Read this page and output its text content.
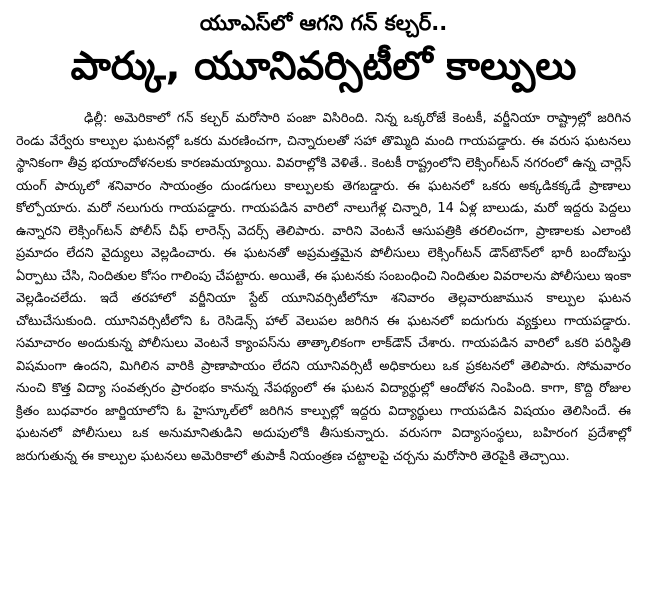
యూఎస్‌లో ఆగని గన్ కల్చర్..
పార్కు, యూనివర్సిటీలో కాల్పులు

ఢిల్లీ: అమెరికాలో గన్ కల్చర్ మరోసారి పంజా విసిరింది. నిన్న ఒక్కరోజే కెంటకీ, వర్జీనియా రాష్ట్రాల్లో జరిగిన రెండు వేర్వేరు కాల్పుల ఘటనల్లో ఒకరు మరణించగా, చిన్నారులతో సహా తొమ్మిది మంది గాయపడ్డారు. ఈ వరుస ఘటనలు స్థానికంగా తీవ్ర భయాందోళనలకు కారణమయ్యాయి. వివరాల్లోకి వెళితే.. కెంటకీ రాష్ట్రంలోని లెక్సింగ్‌టన్ నగరంలో ఉన్న చార్లెస్ యంగ్ పార్కులో శనివారం సాయంత్రం దుండగులు కాల్పులకు తెగబడ్డారు. ఈ ఘటనలో ఒకరు అక్కడికక్కడే ప్రాణాలు కోల్పోయారు. మరో నలుగురు గాయపడ్డారు. గాయపడిన వారిలో నాలుగేళ్ల చిన్నారి, 14 ఏళ్ల బాలుడు, మరో ఇద్దరు పెద్దలు ఉన్నారని లెక్సింగ్‌టన్ పోలీస్ చీఫ్ లారెన్స్ వెదర్స్ తెలిపారు. వారిని వెంటనే ఆసుపత్రికి తరలించగా, ప్రాణాలకు ఎలాంటి ప్రమాదం లేదని వైద్యులు వెల్లడించారు. ఈ ఘటనతో అప్రమత్తమైన పోలీసులు లెక్సింగ్‌టన్ డౌన్‌టౌన్‌లో భారీ బందోబస్తు ఏర్పాటు చేసి, నిందితుల కోసం గాలింపు చేపట్టారు. అయితే, ఈ ఘటనకు సంబంధించి నిందితుల వివరాలను పోలీసులు ఇంకా వెల్లడించలేదు. ఇదే తరహాలో వర్జీనియా స్టేట్ యూనివర్సిటీలోనూ శనివారం తెల్లవారుజామున కాల్పుల ఘటన చోటుచేసుకుంది. యూనివర్సిటీలోని ఓ రెసిడెన్స్ హాల్ వెలుపల జరిగిన ఈ ఘటనలో ఐదుగురు వ్యక్తులు గాయపడ్డారు. సమాచారం అందుకున్న పోలీసులు వెంటనే క్యాంపస్‌ను తాత్కాలికంగా లాక్‌డౌన్ చేశారు. గాయపడిన వారిలో ఒకరి పరిస్థితి విషమంగా ఉందని, మిగిలిన వారికి ప్రాణాపాయం లేదని యూనివర్సిటీ అధికారులు ఒక ప్రకటనలో తెలిపారు. సోమవారం నుంచి కొత్త విద్యా సంవత్సరం ప్రారంభం కానున్న నేపథ్యంలో ఈ ఘటన విద్యార్థుల్లో ఆందోళన నింపింది. కాగా, కొద్ది రోజుల క్రితం బుధవారం జార్జియాలోని ఓ హైస్కూల్‌లో జరిగిన కాల్పుల్లో ఇద్దరు విద్యార్థులు గాయపడిన విషయం తెలిసిందే. ఈ ఘటనలో పోలీసులు ఒక అనుమానితుడిని అదుపులోకి తీసుకున్నారు. వరుసగా విద్యాసంస్థలు, బహిరంగ ప్రదేశాల్లో జరుగుతున్న ఈ కాల్పుల ఘటనలు అమెరికాలో తుపాకీ నియంత్రణ చట్టాలపై చర్చను మరోసారి తెరపైకి తెచ్చాయి.
